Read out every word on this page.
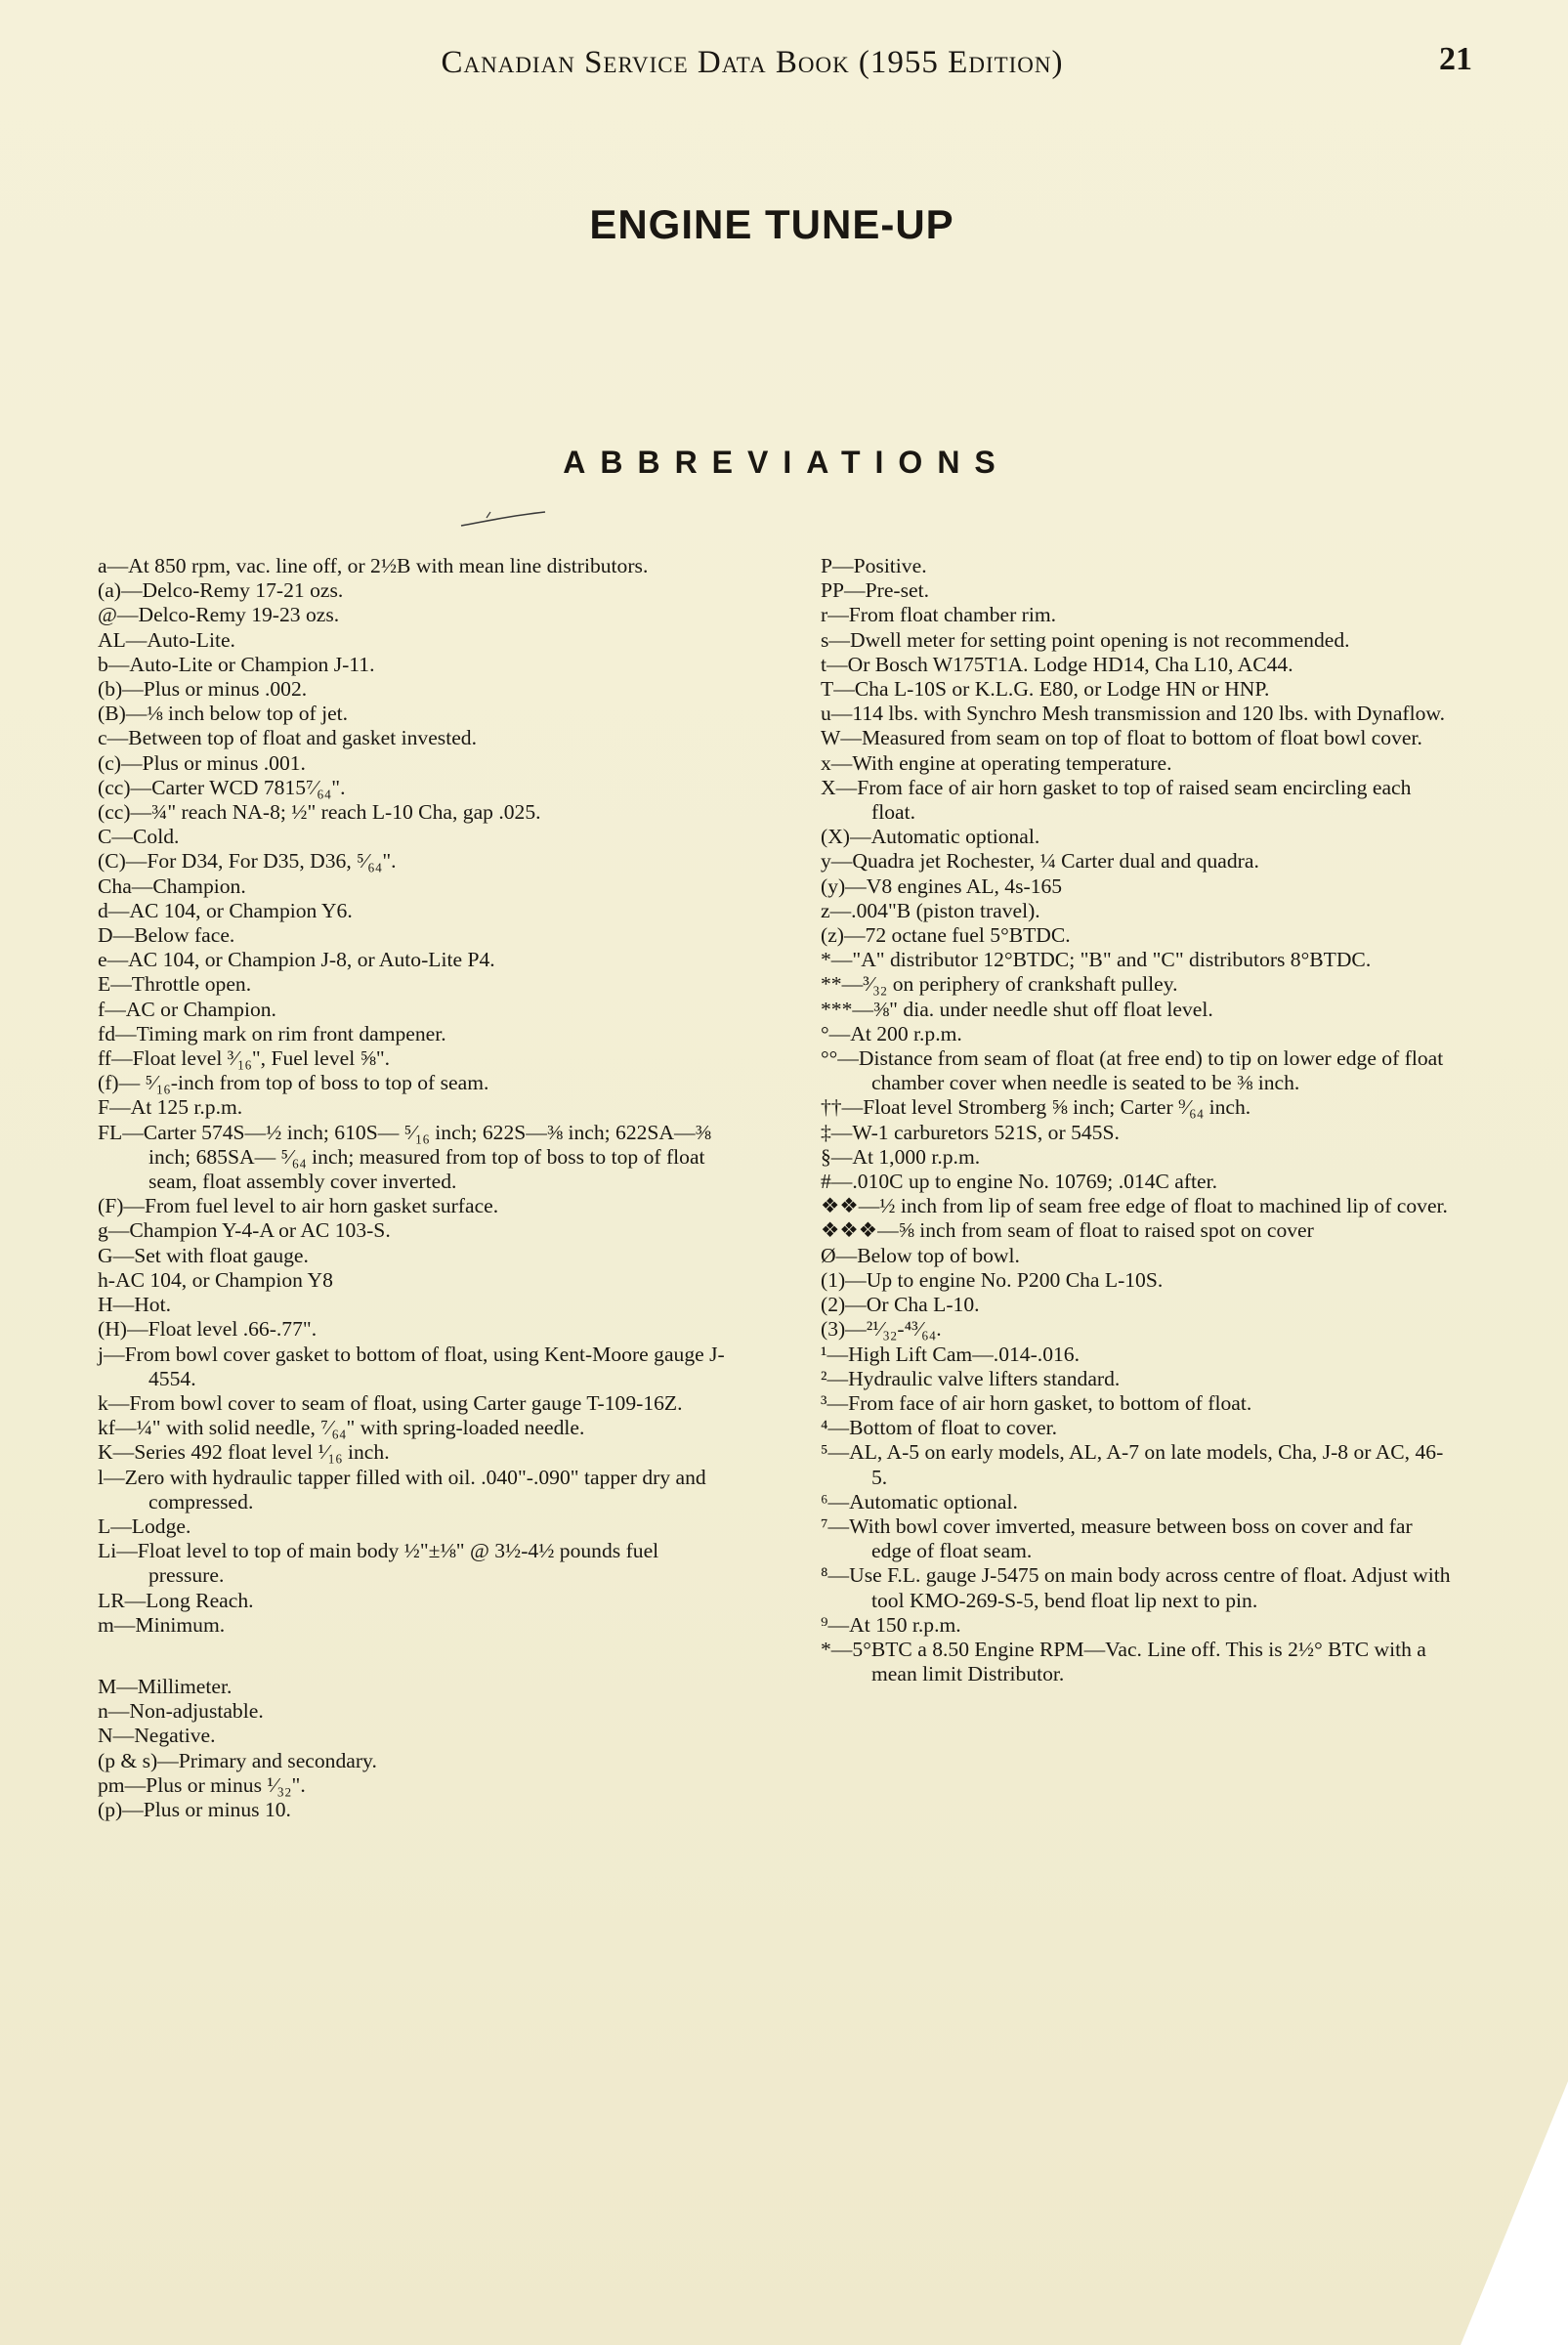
Canadian Service Data Book (1955 Edition)	21
ENGINE TUNE-UP
ABBREVIATIONS
a—At 850 rpm, vac. line off, or 2½B with mean line distributors.
(a)—Delco-Remy 17-21 ozs.
@—Delco-Remy 19-23 ozs.
AL—Auto-Lite.
b—Auto-Lite or Champion J-11.
(b)—Plus or minus .002.
(B)—⅛ inch below top of jet.
c—Between top of float and gasket invested.
(c)—Plus or minus .001.
(cc)—Carter WCD 7815⁷⁄₆₄".
(cc)—¾" reach NA-8; ½" reach L-10 Cha, gap .025.
C—Cold.
(C)—For D34, For D35, D36, ⁵⁄₆₄".
Cha—Champion.
d—AC 104, or Champion Y6.
D—Below face.
e—AC 104, or Champion J-8, or Auto-Lite P4.
E—Throttle open.
f—AC or Champion.
fd—Timing mark on rim front dampener.
ff—Float level ³⁄₁₆", Fuel level ⅝".
(f)— ⁵⁄₁₆-inch from top of boss to top of seam.
F—At 125 r.p.m.
FL—Carter 574S—½ inch; 610S— ⁵⁄₁₆ inch; 622S—⅜ inch; 622SA—⅜ inch; 685SA— ⁵⁄₆₄ inch; measured from top of boss to top of float seam, float assembly cover inverted.
(F)—From fuel level to air horn gasket surface.
g—Champion Y-4-A or AC 103-S.
G—Set with float gauge.
h-AC 104, or Champion Y8
H—Hot.
(H)—Float level .66-.77".
j—From bowl cover gasket to bottom of float, using Kent-Moore gauge J-4554.
k—From bowl cover to seam of float, using Carter gauge T-109-16Z.
kf—¼" with solid needle, ⁷⁄₆₄" with spring-loaded needle.
K—Series 492 float level ¹⁄₁₆ inch.
l—Zero with hydraulic tapper filled with oil. .040"-.090" tapper dry and compressed.
L—Lodge.
Li—Float level to top of main body ½"±⅛" @ 3½-4½ pounds fuel pressure.
LR—Long Reach.
m—Minimum.
M—Millimeter.
n—Non-adjustable.
N—Negative.
(p & s)—Primary and secondary.
pm—Plus or minus ¹⁄₃₂".
(p)—Plus or minus 10.
P—Positive.
PP—Pre-set.
r—From float chamber rim.
s—Dwell meter for setting point opening is not recommended.
t—Or Bosch W175T1A. Lodge HD14, Cha L10, AC44.
T—Cha L-10S or K.L.G. E80, or Lodge HN or HNP.
u—114 lbs. with Synchro Mesh transmission and 120 lbs. with Dynaflow.
W—Measured from seam on top of float to bottom of float bowl cover.
x—With engine at operating temperature.
X—From face of air horn gasket to top of raised seam encircling each float.
(X)—Automatic optional.
y—Quadra jet Rochester, ¼ Carter dual and quadra.
(y)—V8 engines AL, 4s-165
z—.004"B (piston travel).
(z)—72 octane fuel 5°BTDC.
*—"A" distributor 12°BTDC; "B" and "C" distributors 8°BTDC.
**—³⁄₃₂ on periphery of crankshaft pulley.
***—⅜" dia. under needle shut off float level.
°—At 200 r.p.m.
°°—Distance from seam of float (at free end) to tip on lower edge of float chamber cover when needle is seated to be ⅜ inch.
††—Float level Stromberg ⅝ inch; Carter ⁹⁄₆₄ inch.
‡—W-1 carburetors 521S, or 545S.
§—At 1,000 r.p.m.
#—.010C up to engine No. 10769; .014C after.
❖❖—½ inch from lip of seam free edge of float to machined lip of cover.
❖❖❖—⅝ inch from seam of float to raised spot on cover
Ø—Below top of bowl.
(1)—Up to engine No. P200 Cha L-10S.
(2)—Or Cha L-10.
(3)—²¹⁄₃₂-⁴³⁄₆₄.
¹—High Lift Cam—.014-.016.
²—Hydraulic valve lifters standard.
³—From face of air horn gasket, to bottom of float.
⁴—Bottom of float to cover.
⁵—AL, A-5 on early models, AL, A-7 on late models, Cha, J-8 or AC, 46-5.
⁶—Automatic optional.
⁷—With bowl cover imverted, measure between boss on cover and far edge of float seam.
⁸—Use F.L. gauge J-5475 on main body across centre of float. Adjust with tool KMO-269-S-5, bend float lip next to pin.
⁹—At 150 r.p.m.
*—5°BTC a 8.50 Engine RPM—Vac. Line off. This is 2½° BTC with a mean limit Distributor.
